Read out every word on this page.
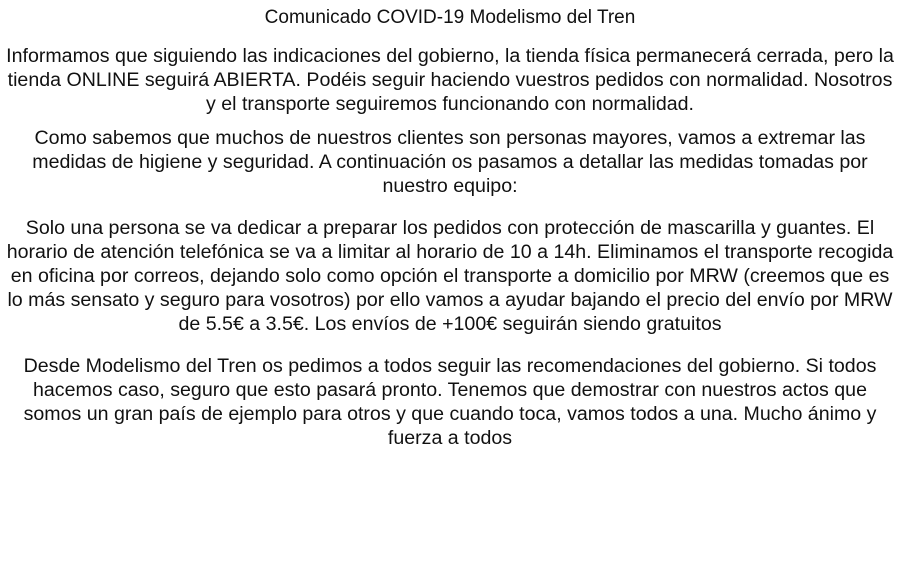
Comunicado COVID-19 Modelismo del Tren

Informamos que siguiendo las indicaciones del gobierno, la tienda física permanecerá cerrada, pero la tienda ONLINE seguirá ABIERTA. Podéis seguir haciendo vuestros pedidos con normalidad. Nosotros y el transporte seguiremos funcionando con normalidad.

Como sabemos que muchos de nuestros clientes son personas mayores, vamos a extremar las medidas de higiene y seguridad. A continuación os pasamos a detallar las medidas tomadas por nuestro equipo:

Solo una persona se va dedicar a preparar los pedidos con protección de mascarilla y guantes. El horario de atención telefónica se va a limitar al horario de 10 a 14h. Eliminamos el transporte recogida en oficina por correos, dejando solo como opción el transporte a domicilio por MRW (creemos que es lo más sensato y seguro para vosotros) por ello vamos a ayudar bajando el precio del envío por MRW de 5.5€ a 3.5€. Los envíos de +100€ seguirán siendo gratuitos

Desde Modelismo del Tren os pedimos a todos seguir las recomendaciones del gobierno. Si todos hacemos caso, seguro que esto pasará pronto. Tenemos que demostrar con nuestros actos que somos un gran país de ejemplo para otros y que cuando toca, vamos todos a una. Mucho ánimo y fuerza a todos
